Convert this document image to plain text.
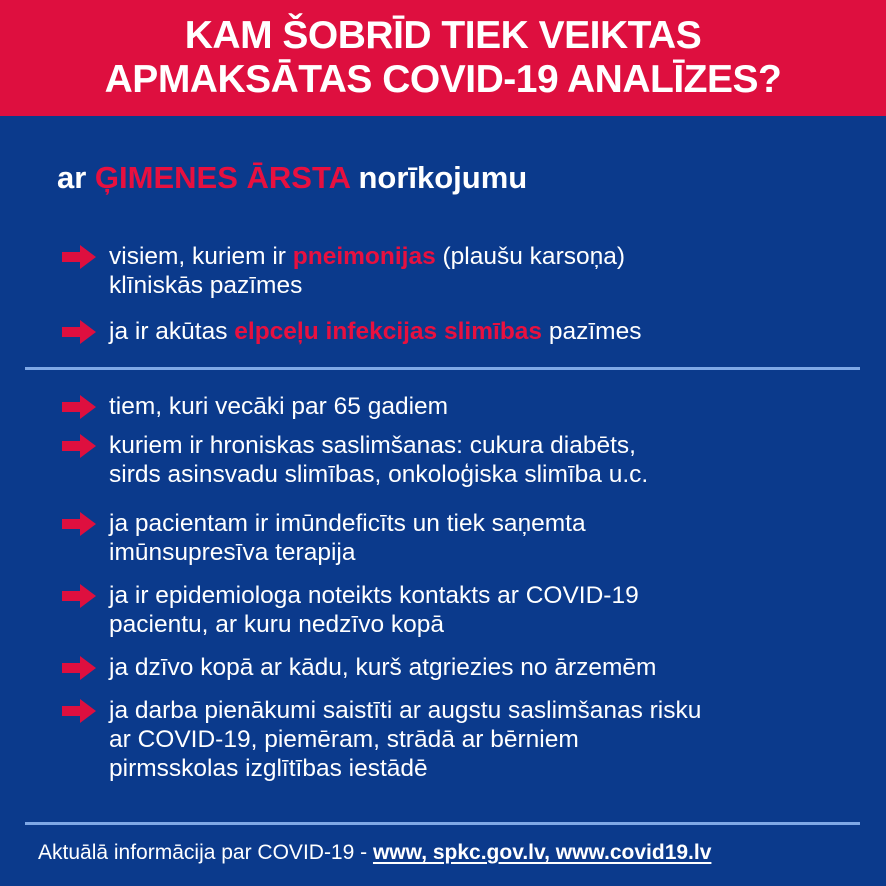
KAM ŠOBRĪD TIEK VEIKTAS
APMAKSĀTAS COVID-19 ANALĪZES?
ar ĢIMENES ĀRSTA norīkojumu
visiem, kuriem ir pneimonijas (plaušu karsoņa)
klīniskās pazīmes
ja ir akūtas elpceļu infekcijas slimības pazīmes
tiem, kuri vecāki par 65 gadiem
kuriem ir hroniskas saslimšanas: cukura diabēts,
sirds asinsvadu slimības, onkoloģiska slimība u.c.
ja pacientam ir imūndeficīts un tiek saņemta
imūnsupresīva terapija
ja ir epidemiologa noteikts kontakts ar COVID-19
pacientu, ar kuru nedzīvo kopā
ja dzīvo kopā ar kādu, kurš atgriezies no ārzemēm
ja darba pienākumi saistīti ar augstu saslimšanas risku
ar COVID-19, piemēram, strādā ar bērniem
pirmsskolas izglītības iestādē
Aktuālā informācija par COVID-19 - www, spkc.gov.lv, www.covid19.lv
